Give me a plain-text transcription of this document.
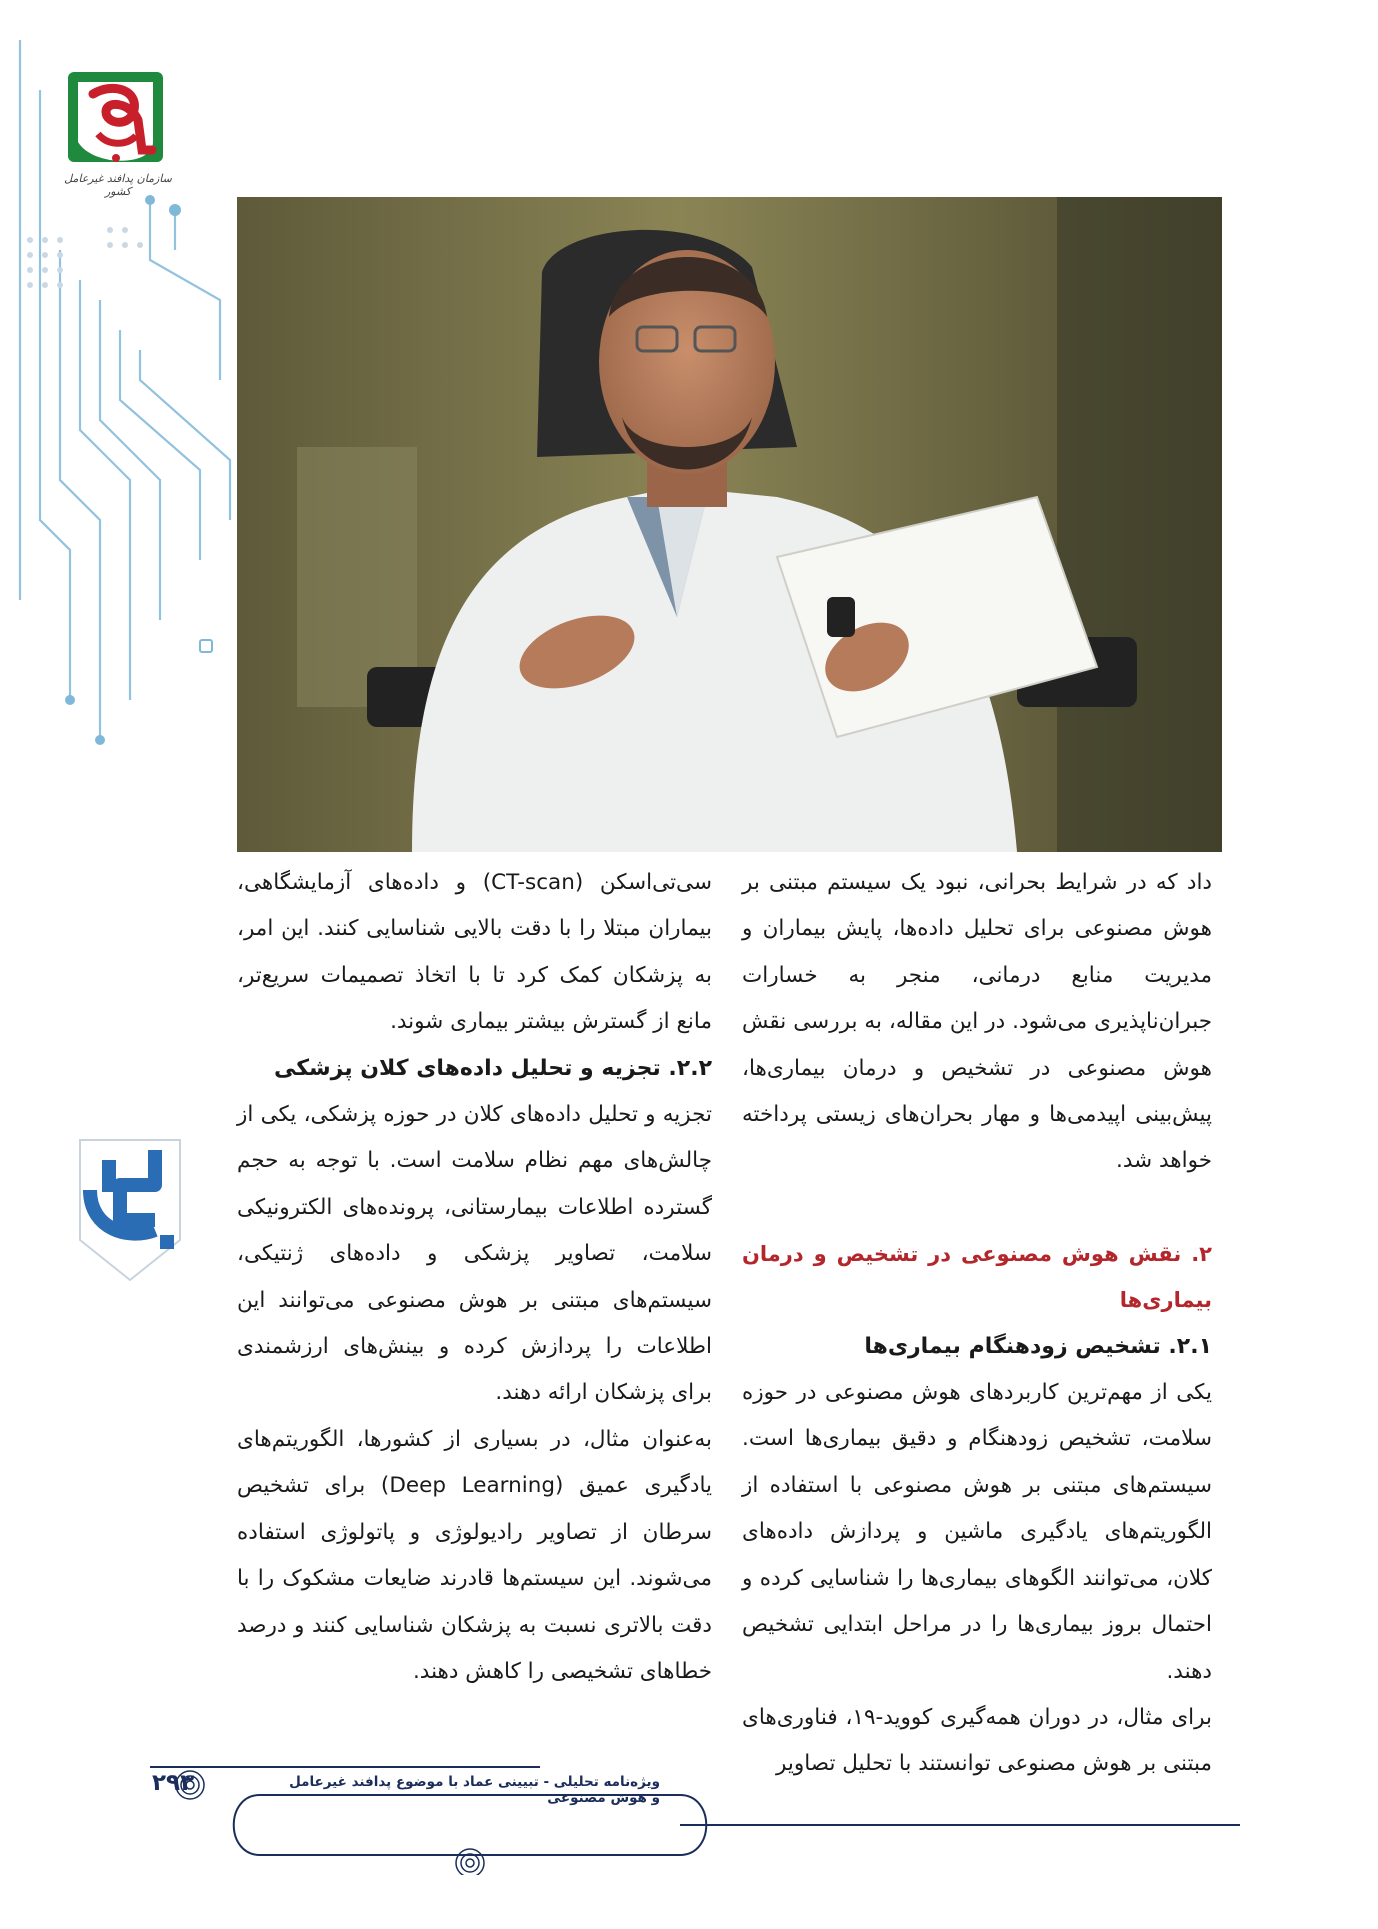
سازمان پدافند غیرعامل کشور

داد که در شرایط بحرانی، نبود یک سیستم مبتنی بر هوش مصنوعی برای تحلیل داده‌ها، پایش بیماران و مدیریت منابع درمانی، منجر به خسارات جبران‌ناپذیری می‌شود. در این مقاله، به بررسی نقش هوش مصنوعی در تشخیص و درمان بیماری‌ها، پیش‌بینی اپیدمی‌ها و مهار بحران‌های زیستی پرداخته خواهد شد.

۲. نقش هوش مصنوعی در تشخیص و درمان بیماری‌ها

۲.۱. تشخیص زودهنگام بیماری‌ها

یکی از مهم‌ترین کاربردهای هوش مصنوعی در حوزه سلامت، تشخیص زودهنگام و دقیق بیماری‌ها است. سیستم‌های مبتنی بر هوش مصنوعی با استفاده از الگوریتم‌های یادگیری ماشین و پردازش داده‌های کلان، می‌توانند الگوهای بیماری‌ها را شناسایی کرده و احتمال بروز بیماری‌ها را در مراحل ابتدایی تشخیص دهند.

برای مثال، در دوران همه‌گیری کووید-۱۹، فناوری‌های مبتنی بر هوش مصنوعی توانستند با تحلیل تصاویر

سی‌تی‌اسکن (CT-scan) و داده‌های آزمایشگاهی، بیماران مبتلا را با دقت بالایی شناسایی کنند. این امر، به پزشکان کمک کرد تا با اتخاذ تصمیمات سریع‌تر، مانع از گسترش بیشتر بیماری شوند.

۲.۲. تجزیه و تحلیل داده‌های کلان پزشکی

تجزیه و تحلیل داده‌های کلان در حوزه پزشکی، یکی از چالش‌های مهم نظام سلامت است. با توجه به حجم گسترده اطلاعات بیمارستانی، پرونده‌های الکترونیکی سلامت، تصاویر پزشکی و داده‌های ژنتیکی، سیستم‌های مبتنی بر هوش مصنوعی می‌توانند این اطلاعات را پردازش کرده و بینش‌های ارزشمندی برای پزشکان ارائه دهند.

به‌عنوان مثال، در بسیاری از کشورها، الگوریتم‌های یادگیری عمیق (Deep Learning) برای تشخیص سرطان از تصاویر رادیولوژی و پاتولوژی استفاده می‌شوند. این سیستم‌ها قادرند ضایعات مشکوک را با دقت بالاتری نسبت به پزشکان شناسایی کنند و درصد خطاهای تشخیصی را کاهش دهند.

۲۹۳	ویژه‌نامه تحلیلی - تبیینی عماد با موضوع پدافند غیرعامل و هوش مصنوعی
